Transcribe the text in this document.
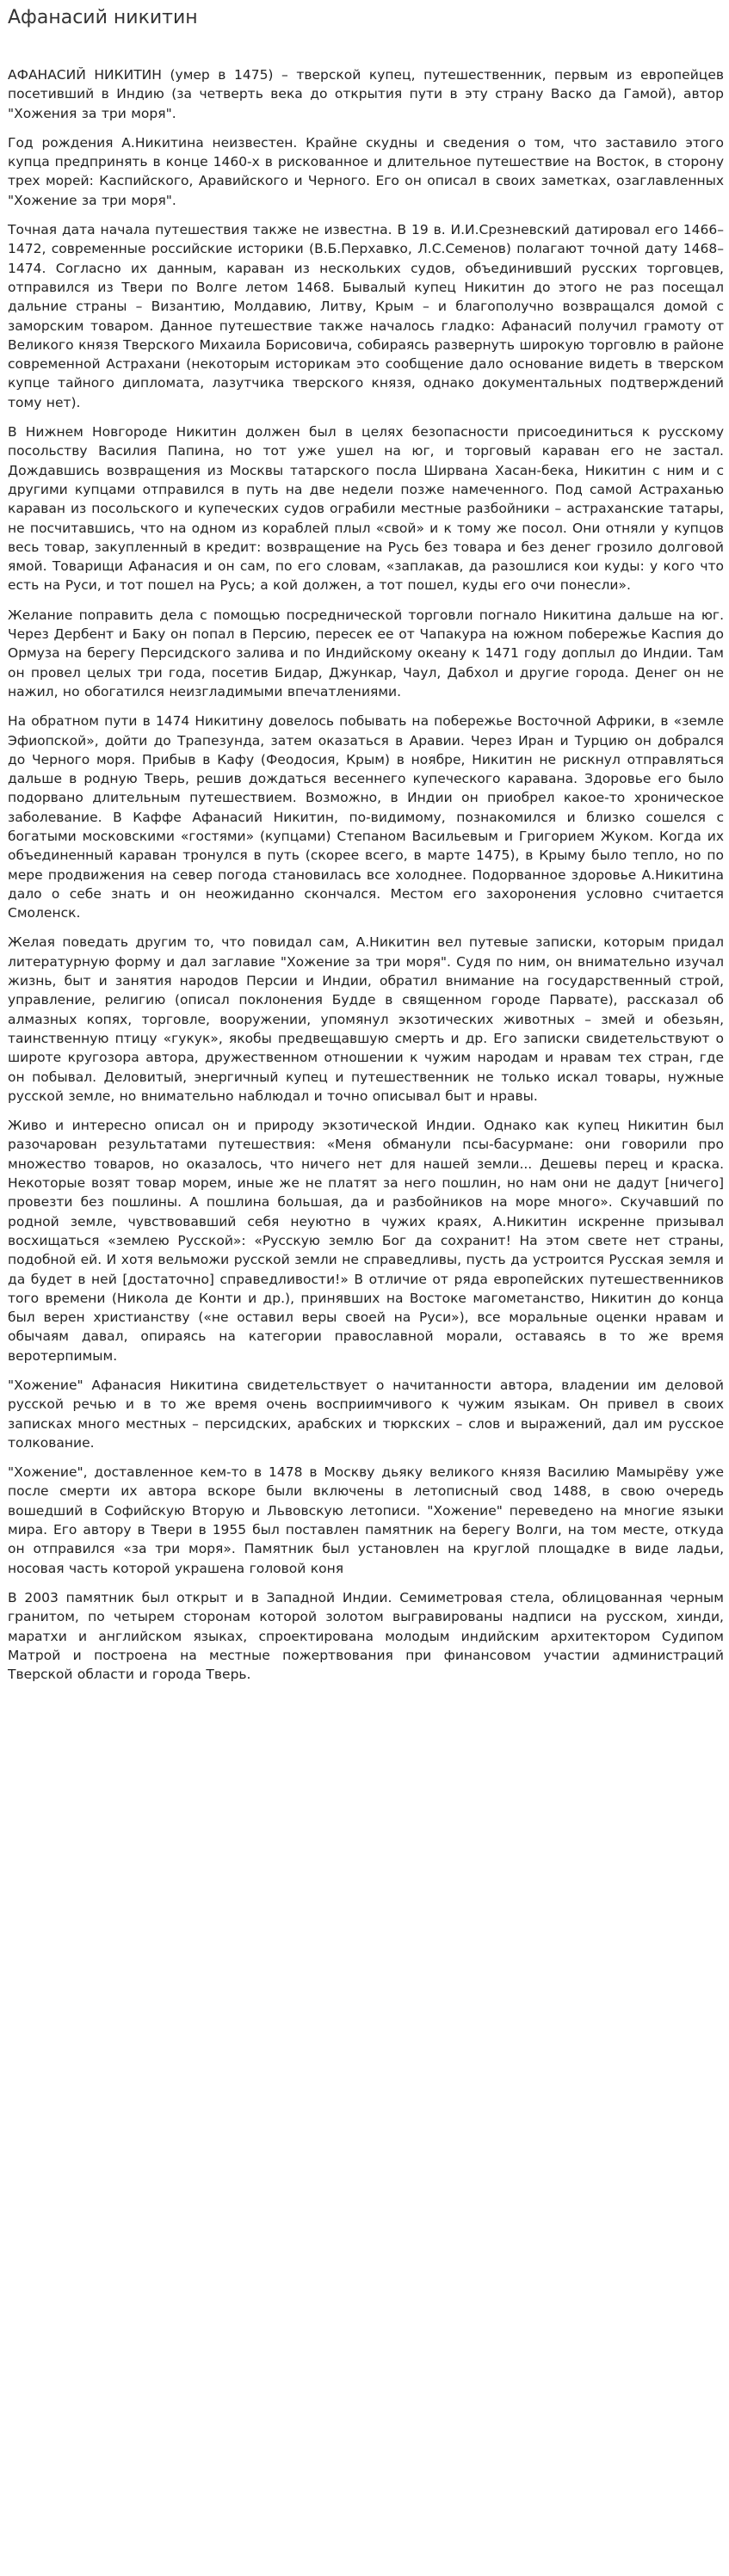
Афанасий никитин

АФАНАСИЙ НИКИТИН (умер в 1475) – тверской купец, путешественник, первым из европейцев посетивший в Индию (за четверть века до открытия пути в эту страну Васко да Гамой), автор "Хожения за три моря".

Год рождения А.Никитина неизвестен. Крайне скудны и сведения о том, что заставило этого купца предпринять в конце 1460-х в рискованное и длительное путешествие на Восток, в сторону трех морей: Каспийского, Аравийского и Черного. Его он описал в своих заметках, озаглавленных "Хожение за три моря".

Точная дата начала путешествия также не известна. В 19 в. И.И.Срезневский датировал его 1466–1472, современные российские историки (В.Б.Перхавко, Л.С.Семенов) полагают точной дату 1468–1474. Согласно их данным, караван из нескольких судов, объединивший русских торговцев, отправился из Твери по Волге летом 1468. Бывалый купец Никитин до этого не раз посещал дальние страны – Византию, Молдавию, Литву, Крым – и благополучно возвращался домой с заморским товаром. Данное путешествие также началось гладко: Афанасий получил грамоту от Великого князя Тверского Михаила Борисовича, собираясь развернуть широкую торговлю в районе современной Астрахани (некоторым историкам это сообщение дало основание видеть в тверском купце тайного дипломата, лазутчика тверского князя, однако документальных подтверждений тому нет).

В Нижнем Новгороде Никитин должен был в целях безопасности присоединиться к русскому посольству Василия Папина, но тот уже ушел на юг, и торговый караван его не застал. Дождавшись возвращения из Москвы татарского посла Ширвана Хасан-бека, Никитин с ним и с другими купцами отправился в путь на две недели позже намеченного. Под самой Астраханью караван из посольского и купеческих судов ограбили местные разбойники – астраханские татары, не посчитавшись, что на одном из кораблей плыл «свой» и к тому же посол. Они отняли у купцов весь товар, закупленный в кредит: возвращение на Русь без товара и без денег грозило долговой ямой. Товарищи Афанасия и он сам, по его словам, «заплакав, да разошлися кои куды: у кого что есть на Руси, и тот пошел на Русь; а кой должен, а тот пошел, куды его очи понесли».

Желание поправить дела с помощью посреднической торговли погнало Никитина дальше на юг. Через Дербент и Баку он попал в Персию, пересек ее от Чапакура на южном побережье Каспия до Ормуза на берегу Персидского залива и по Индийскому океану к 1471 году доплыл до Индии. Там он провел целых три года, посетив Бидар, Джункар, Чаул, Дабхол и другие города. Денег он не нажил, но обогатился неизгладимыми впечатлениями.

На обратном пути в 1474 Никитину довелось побывать на побережье Восточной Африки, в «земле Эфиопской», дойти до Трапезунда, затем оказаться в Аравии. Через Иран и Турцию он добрался до Черного моря. Прибыв в Кафу (Феодосия, Крым) в ноябре, Никитин не рискнул отправляться дальше в родную Тверь, решив дождаться весеннего купеческого каравана. Здоровье его было подорвано длительным путешествием. Возможно, в Индии он приобрел какое-то хроническое заболевание. В Каффе Афанасий Никитин, по-видимому, познакомился и близко сошелся с богатыми московскими «гостями» (купцами) Степаном Васильевым и Григорием Жуком. Когда их объединенный караван тронулся в путь (скорее всего, в марте 1475), в Крыму было тепло, но по мере продвижения на север погода становилась все холоднее. Подорванное здоровье А.Никитина дало о себе знать и он неожиданно скончался. Местом его захоронения условно считается Смоленск.

Желая поведать другим то, что повидал сам, А.Никитин вел путевые записки, которым придал литературную форму и дал заглавие "Хожение за три моря". Судя по ним, он внимательно изучал жизнь, быт и занятия народов Персии и Индии, обратил внимание на государственный строй, управление, религию (описал поклонения Будде в священном городе Парвате), рассказал об алмазных копях, торговле, вооружении, упомянул экзотических животных – змей и обезьян, таинственную птицу «гукук», якобы предвещавшую смерть и др. Его записки свидетельствуют о широте кругозора автора, дружественном отношении к чужим народам и нравам тех стран, где он побывал. Деловитый, энергичный купец и путешественник не только искал товары, нужные русской земле, но внимательно наблюдал и точно описывал быт и нравы.

Живо и интересно описал он и природу экзотической Индии. Однако как купец Никитин был разочарован результатами путешествия: «Меня обманули псы-басурмане: они говорили про множество товаров, но оказалось, что ничего нет для нашей земли... Дешевы перец и краска. Некоторые возят товар морем, иные же не платят за него пошлин, но нам они не дадут [ничего] провезти без пошлины. А пошлина большая, да и разбойников на море много». Скучавший по родной земле, чувствовавший себя неуютно в чужих краях, А.Никитин искренне призывал восхищаться «землею Русской»: «Русскую землю Бог да сохранит! На этом свете нет страны, подобной ей. И хотя вельможи русской земли не справедливы, пусть да устроится Русская земля и да будет в ней [достаточно] справедливости!» В отличие от ряда европейских путешественников того времени (Никола де Конти и др.), принявших на Востоке магометанство, Никитин до конца был верен христианству («не оставил веры своей на Руси»), все моральные оценки нравам и обычаям давал, опираясь на категории православной морали, оставаясь в то же время веротерпимым.

"Хожение" Афанасия Никитина свидетельствует о начитанности автора, владении им деловой русской речью и в то же время очень восприимчивого к чужим языкам. Он привел в своих записках много местных – персидских, арабских и тюркских – слов и выражений, дал им русское толкование.

"Хожение", доставленное кем-то в 1478 в Москву дьяку великого князя Василию Мамырёву уже после смерти их автора вскоре были включены в летописный свод 1488, в свою очередь вошедший в Софийскую Вторую и Львовскую летописи. "Хожение" переведено на многие языки мира. Его автору в Твери в 1955 был поставлен памятник на берегу Волги, на том месте, откуда он отправился «за три моря». Памятник был установлен на круглой площадке в виде ладьи, носовая часть которой украшена головой коня

В 2003 памятник был открыт и в Западной Индии. Семиметровая стела, облицованная черным гранитом, по четырем сторонам которой золотом выгравированы надписи на русском, хинди, маратхи и английском языках, спроектирована молодым индийским архитектором Судипом Матрой и построена на местные пожертвования при финансовом участии администраций Тверской области и города Тверь.
